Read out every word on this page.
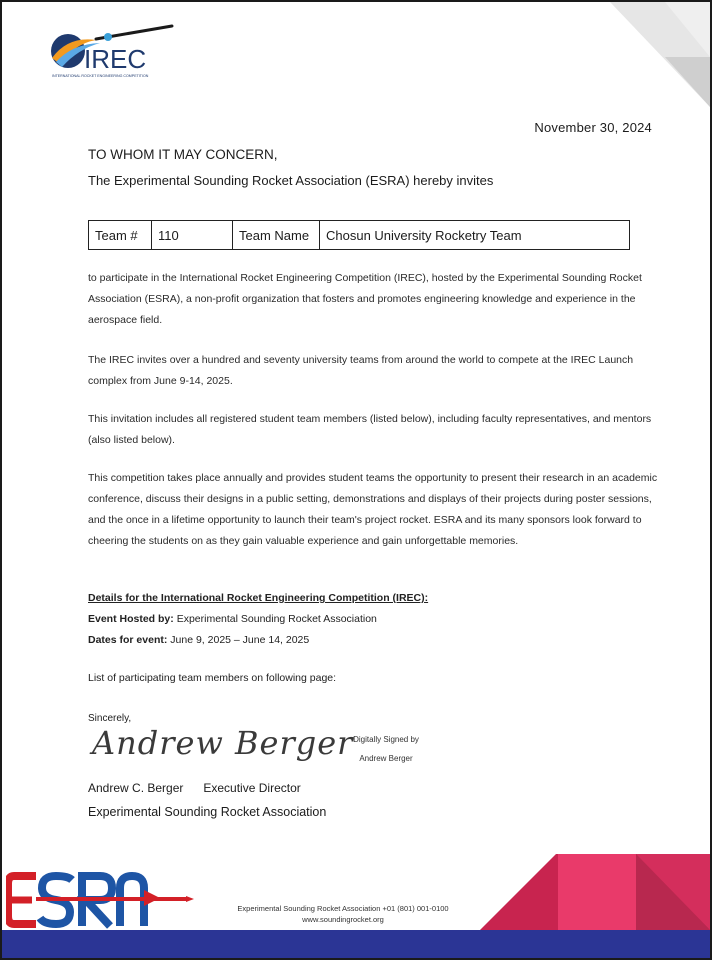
IREC
INTERNATIONAL ROCKET ENGINEERING COMPETITION
November 30, 2024
TO WHOM IT MAY CONCERN,
The Experimental Sounding Rocket Association (ESRA) hereby invites
Team #	110	Team Name	Chosun University Rocketry Team
to participate in the International Rocket Engineering Competition (IREC), hosted by the Experimental Sounding Rocket Association (ESRA), a non-profit organization that fosters and promotes engineering knowledge and experience in the aerospace field.
The IREC invites over a hundred and seventy university teams from around the world to compete at the IREC Launch complex from June 9-14, 2025.
This invitation includes all registered student team members (listed below), including faculty representatives, and mentors (also listed below).
This competition takes place annually and provides student teams the opportunity to present their research in an academic conference, discuss their designs in a public setting, demonstrations and displays of their projects during poster sessions, and the once in a lifetime opportunity to launch their team's project rocket. ESRA and its many sponsors look forward to cheering the students on as they gain valuable experience and gain unforgettable memories.
Details for the International Rocket Engineering Competition (IREC):
Event Hosted by: Experimental Sounding Rocket Association
Dates for event: June 9, 2025 – June 14, 2025
List of participating team members on following page:
Sincerely,
Andrew Berger Digitally Signed by
Andrew Berger
Andrew C. Berger Executive Director
Experimental Sounding Rocket Association
Experimental Sounding Rocket Association +01 (801) 001-0100
www.soundingrocket.org
